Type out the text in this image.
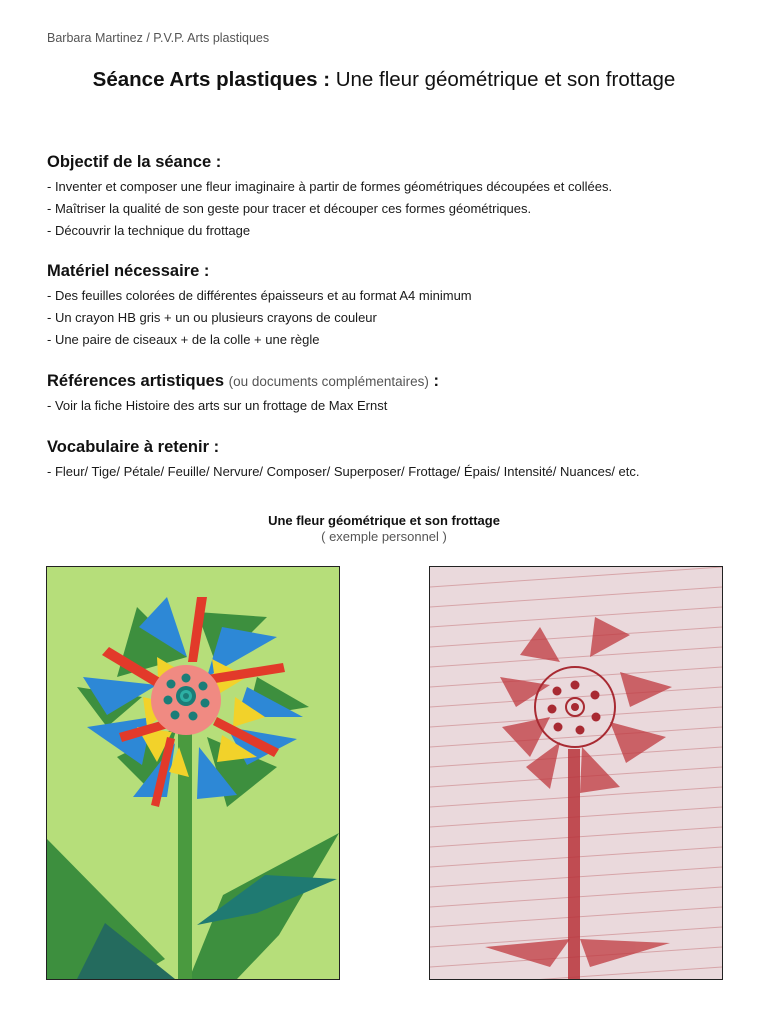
Barbara Martinez / P.V.P. Arts plastiques
Séance Arts plastiques : Une fleur géométrique et son frottage
Objectif de la séance :
- Inventer et composer une fleur imaginaire à partir de formes géométriques découpées et collées.
- Maîtriser la qualité de son geste pour tracer et découper ces formes géométriques.
- Découvrir la technique du frottage
Matériel nécessaire :
- Des feuilles colorées de différentes épaisseurs et au format A4 minimum
- Un crayon HB gris + un ou plusieurs crayons de couleur
- Une paire de ciseaux + de la colle + une règle
Références artistiques (ou documents complémentaires) :
- Voir la fiche Histoire des arts sur un frottage de Max Ernst
Vocabulaire à retenir :
- Fleur/ Tige/ Pétale/ Feuille/ Nervure/ Composer/ Superposer/ Frottage/ Épais/ Intensité/ Nuances/ etc.
Une fleur géométrique et son frottage
( exemple personnel )
